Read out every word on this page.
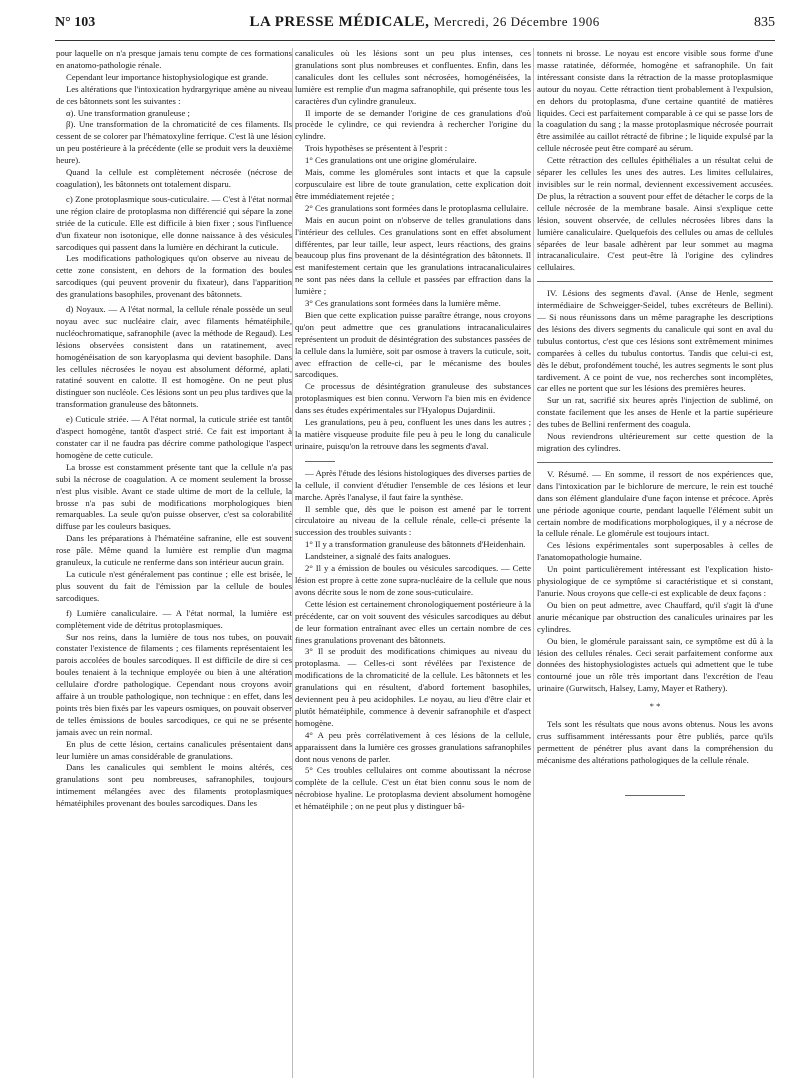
N° 103	LA PRESSE MÉDICALE, Mercredi, 26 Décembre 1906	835

pour laquelle on n'a presque jamais tenu compte de ces formations en anatomo-pathologie rénale.

Cependant leur importance histophysiologique est grande.

Les altérations que l'intoxication hydrargyrique amène au niveau de ces bâtonnets sont les suivantes :

α). Une transformation granuleuse ;

β). Une transformation de la chromaticité de ces filaments. Ils cessent de se colorer par l'hématoxyline ferrique. C'est là une lésion un peu postérieure à la précédente (elle se produit vers la deuxième heure).

Quand la cellule est complètement nécrosée (nécrose de coagulation), les bâtonnets ont totalement disparu.

c) Zone protoplasmique sous-cuticulaire. — C'est à l'état normal une région claire de protoplasma non différencié qui sépare la zone striée de la cuticule. Elle est difficile à bien fixer ; sous l'influence d'un fixateur non isotonique, elle donne naissance à des vésicules sarcodiques qui passent dans la lumière en déchirant la cuticule.

Les modifications pathologiques qu'on observe au niveau de cette zone consistent, en dehors de la formation des boules sarcodiques (qui peuvent provenir du fixateur), dans l'apparition des granulations basophiles, provenant des bâtonnets.

d) Noyaux. — A l'état normal, la cellule rénale possède un seul noyau avec suc nucléaire clair, avec filaments hématéiphile, nucléochromatique, safranophile (avec la méthode de Regaud). Les lésions observées consistent dans un ratatinement, avec homogénéisation de son karyoplasma qui devient basophile. Dans les cellules nécrosées le noyau est absolument déformé, aplati, ratatiné souvent en calotte. Il est homogène. On ne peut plus distinguer son nucléole. Ces lésions sont un peu plus tardives que la transformation granuleuse des bâtonnets.

e) Cuticule striée. — A l'état normal, la cuticule striée est tantôt d'aspect homogène, tantôt d'aspect strié. Ce fait est important à constater car il ne faudra pas décrire comme pathologique l'aspect homogène de cette cuticule.

La brosse est constamment présente tant que la cellule n'a pas subi la nécrose de coagulation. A ce moment seulement la brosse n'est plus visible. Avant ce stade ultime de mort de la cellule, la brosse n'a pas subi de modifications morphologiques bien remarquables. La seule qu'on puisse observer, c'est sa colorabilité diffuse par les couleurs basiques.

Dans les préparations à l'hématéine safranine, elle est souvent rose pâle. Même quand la lumière est remplie d'un magma granuleux, la cuticule ne renferme dans son intérieur aucun grain.

La cuticule n'est généralement pas continue ; elle est brisée, le plus souvent du fait de l'émission par la cellule de boules sarcodiques.

f) Lumière canaliculaire. — A l'état normal, la lumière est complètement vide de détritus protoplasmiques.

Sur nos reins, dans la lumière de tous nos tubes, on pouvait constater l'existence de filaments ; ces filaments représentaient les parois accolées de boules sarcodiques. Il est difficile de dire si ces boules tenaient à la technique employée ou bien à une altération cellulaire d'ordre pathologique. Cependant nous croyons avoir affaire à un trouble pathologique, non technique : en effet, dans les points très bien fixés par les vapeurs osmiques, on pouvait observer de telles émissions de boules sarcodiques, ce qui ne se présente jamais avec un rein normal.

En plus de cette lésion, certains canalicules présentaient dans leur lumière un amas considérable de granulations.

Dans les canalicules qui semblent le moins altérés, ces granulations sont peu nombreuses, safranophiles, toujours intimement mélangées avec des filaments protoplasmiques hématéiphiles provenant des boules sarcodiques. Dans les

canalicules où les lésions sont un peu plus intenses, ces granulations sont plus nombreuses et confluentes. Enfin, dans les canalicules dont les cellules sont nécrosées, homogénéisées, la lumière est remplie d'un magma safranophile, qui présente tous les caractères d'un cylindre granuleux.

Il importe de se demander l'origine de ces granulations d'où procède le cylindre, ce qui reviendra à rechercher l'origine du cylindre.

Trois hypothèses se présentent à l'esprit :

1° Ces granulations ont une origine glomérulaire.

Mais, comme les glomérules sont intacts et que la capsule corpusculaire est libre de toute granulation, cette explication doit être immédiatement rejetée ;

2° Ces granulations sont formées dans le protoplasma cellulaire.

Mais en aucun point on n'observe de telles granulations dans l'intérieur des cellules. Ces granulations sont en effet absolument différentes, par leur taille, leur aspect, leurs réactions, des grains beaucoup plus fins provenant de la désintégration des bâtonnets. Il est manifestement certain que les granulations intracanaliculaires ne sont pas nées dans la cellule et passées par effraction dans la lumière ;

3° Ces granulations sont formées dans la lumière même.

Bien que cette explication puisse paraître étrange, nous croyons qu'on peut admettre que ces granulations intracanaliculaires représentent un produit de désintégration des substances passées de la cellule dans la lumière, soit par osmose à travers la cuticule, soit, avec effraction de celle-ci, par le mécanisme des boules sarcodiques.

Ce processus de désintégration granuleuse des substances protoplasmiques est bien connu. Verworn l'a bien mis en évidence dans ses études expérimentales sur l'Hyalopus Dujardinii.

Les granulations, peu à peu, confluent les unes dans les autres ; la matière visqueuse produite file peu à peu le long du canalicule urinaire, puisqu'on la retrouve dans les segments d'aval.

— Après l'étude des lésions histologiques des diverses parties de la cellule, il convient d'étudier l'ensemble de ces lésions et leur marche. Après l'analyse, il faut faire la synthèse.

Il semble que, dès que le poison est amené par le torrent circulatoire au niveau de la cellule rénale, celle-ci présente la succession des troubles suivants :

1° Il y a transformation granuleuse des bâtonnets d'Heidenhain.

Landsteiner, a signalé des faits analogues.

2° Il y a émission de boules ou vésicules sarcodiques. — Cette lésion est propre à cette zone supra-nucléaire de la cellule que nous avons décrite sous le nom de zone sous-cuticulaire.

Cette lésion est certainement chronologiquement postérieure à la précédente, car on voit souvent des vésicules sarcodiques au début de leur formation entraînant avec elles un certain nombre de ces fines granulations provenant des bâtonnets.

3° Il se produit des modifications chimiques au niveau du protoplasma. — Celles-ci sont révélées par l'existence de modifications de la chromaticité de la cellule. Les bâtonnets et les granulations qui en résultent, d'abord fortement basophiles, deviennent peu à peu acidophiles. Le noyau, au lieu d'être clair et plutôt hématéiphile, commence à devenir safranophile et d'aspect homogène.

4° A peu près corrélativement à ces lésions de la cellule, apparaissent dans la lumière ces grosses granulations safranophiles dont nous venons de parler.

5° Ces troubles cellulaires ont comme aboutissant la nécrose complète de la cellule. C'est un état bien connu sous le nom de nécrobiose hyaline. Le protoplasma devient absolument homogène et hématéiphile ; on ne peut plus y distinguer bâ-

tonnets ni brosse. Le noyau est encore visible sous forme d'une masse ratatinée, déformée, homogène et safranophile. Un fait intéressant consiste dans la rétraction de la masse protoplasmique autour du noyau. Cette rétraction tient probablement à l'expulsion, en dehors du protoplasma, d'une certaine quantité de matières liquides. Ceci est parfaitement comparable à ce qui se passe lors de la coagulation du sang ; la masse protoplasmique nécrosée pourrait être assimilée au caillot rétracté de fibrine ; le liquide expulsé par la cellule nécrosée peut être comparé au sérum.

Cette rétraction des cellules épithéliales a un résultat celui de séparer les cellules les unes des autres. Les limites cellulaires, invisibles sur le rein normal, deviennent excessivement accusées. De plus, la rétraction a souvent pour effet de détacher le corps de la cellule nécrosée de la membrane basale. Ainsi s'explique cette lésion, souvent observée, de cellules nécrosées libres dans la lumière canaliculaire. Quelquefois des cellules ou amas de cellules séparées de leur basale adhèrent par leur sommet au magma intracanaliculaire. C'est peut-être là l'origine des cylindres cellulaires.

IV. Lésions des segments d'aval. (Anse de Henle, segment intermédiaire de Schweigger-Seidel, tubes excréteurs de Bellini). — Si nous réunissons dans un même paragraphe les descriptions des lésions des divers segments du canalicule qui sont en aval du tubulus contortus, c'est que ces lésions sont extrêmement minimes comparées à celles du tubulus contortus. Tandis que celui-ci est, dès le début, profondément touché, les autres segments le sont plus tardivement. A ce point de vue, nos recherches sont incomplètes, car elles ne portent que sur les lésions des premières heures.

Sur un rat, sacrifié six heures après l'injection de sublimé, on constate facilement que les anses de Henle et la partie supérieure des tubes de Bellini renferment des coagula.

Nous reviendrons ultérieurement sur cette question de la migration des cylindres.

V. Résumé. — En somme, il ressort de nos expériences que, dans l'intoxication par le bichlorure de mercure, le rein est touché dans son élément glandulaire d'une façon intense et précoce. Après une période agonique courte, pendant laquelle l'élément subit un certain nombre de modifications morphologiques, il y a nécrose de la cellule rénale. Le glomérule est toujours intact.

Ces lésions expérimentales sont superposables à celles de l'anatomopathologie humaine.

Un point particulièrement intéressant est l'explication histo-physiologique de ce symptôme si caractéristique et si constant, l'anurie. Nous croyons que celle-ci est explicable de deux façons :

Ou bien on peut admettre, avec Chauffard, qu'il s'agit là d'une anurie mécanique par obstruction des canalicules urinaires par les cylindres.

Ou bien, le glomérule paraissant sain, ce symptôme est dû à la lésion des cellules rénales. Ceci serait parfaitement conforme aux données des histophysiologistes actuels qui admettent que le tube contourné joue un rôle très important dans l'excrétion de l'eau urinaire (Gurwitsch, Halsey, Lamy, Mayer et Rathery).

* *

Tels sont les résultats que nous avons obtenus. Nous les avons crus suffisamment intéressants pour être publiés, parce qu'ils permettent de pénétrer plus avant dans la compréhension du mécanisme des altérations pathologiques de la cellule rénale.
